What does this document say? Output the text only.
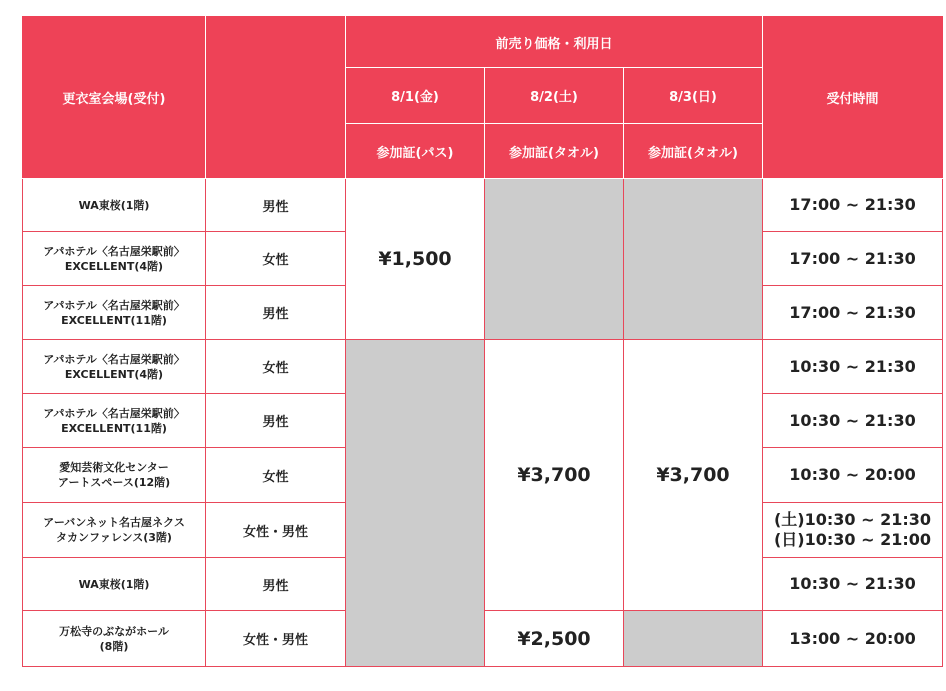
更衣室会場(受付)		前売り価格・利用日			受付時間
		8/1(金)	8/2(土)	8/3(日)	
		参加証(パス)	参加証(タオル)	参加証(タオル)	

WA東桜(1階)	男性	¥1,500			17:00 ~ 21:30

アパホテル〈名古屋栄駅前〉
EXCELLENT(4階)	女性				17:00 ~ 21:30

アパホテル〈名古屋栄駅前〉
EXCELLENT(11階)	男性				17:00 ~ 21:30

アパホテル〈名古屋栄駅前〉
EXCELLENT(4階)	女性		¥3,700	¥3,700	10:30 ~ 21:30

アパホテル〈名古屋栄駅前〉
EXCELLENT(11階)	男性				10:30 ~ 21:30

愛知芸術文化センター
アートスペース(12階)	女性				10:30 ~ 20:00

アーバンネット名古屋ネクス
タカンファレンス(3階)	女性・男性				(土)10:30 ~ 21:30
(日)10:30 ~ 21:00

WA東桜(1階)	男性				10:30 ~ 21:30

万松寺のぶながホール
(8階)	女性・男性		¥2,500		13:00 ~ 20:00
